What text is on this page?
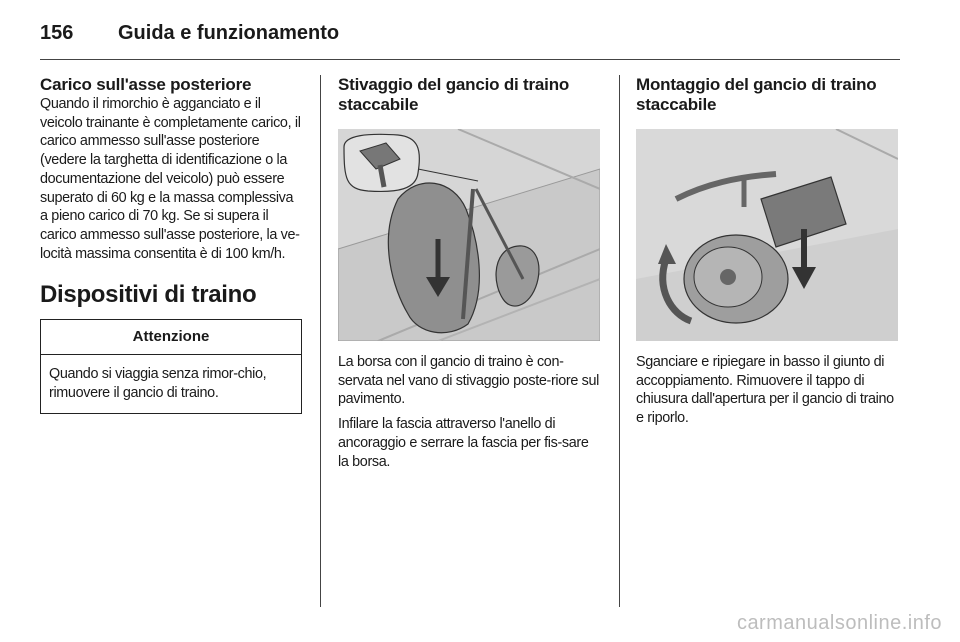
156 Guida e funzionamento
Carico sull'asse posteriore

Quando il rimorchio è agganciato e il veicolo trainante è completamente carico, il carico ammesso sull'asse posteriore (vedere la targhetta di identificazione o la documentazione del veicolo) può essere superato di 60 kg e la massa complessiva a pieno carico di 70 kg. Se si supera il carico ammesso sull'asse posteriore, la ve-locità massima consentita è di 100 km/h.

Dispositivi di traino
Attenzione

Quando si viaggia senza rimor-chio, rimuovere il gancio di traino.

Stivaggio del gancio di traino staccabile

La borsa con il gancio di traino è con-servata nel vano di stivaggio poste-riore sul pavimento.

Infilare la fascia attraverso l'anello di ancoraggio e serrare la fascia per fis-sare la borsa.

Montaggio del gancio di traino staccabile

Sganciare e ripiegare in basso il giunto di accoppiamento. Rimuovere il tappo di chiusura dall'apertura per il gancio di traino e riporlo.

carmanualsonline.info
